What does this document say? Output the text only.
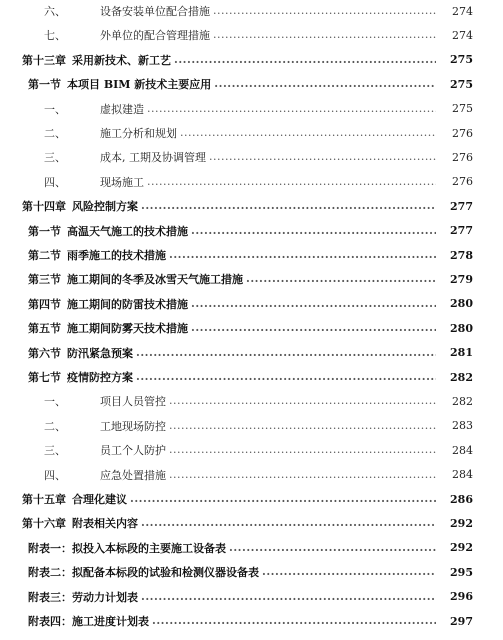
六、	设备安装单位配合措施 .....	274
七、	外单位的配合管理措施 .....	274
第十三章 采用新技术、新工艺 .....	275
第一节 本项目 BIM 新技术主要应用 .....	275
一、	虚拟建造 .....	275
二、	施工分析和规划 .....	276
三、	成本, 工期及协调管理 .....	276
四、	现场施工 .....	276
第十四章 风险控制方案 .....	277
第一节 高温天气施工的技术措施 .....	277
第二节 雨季施工的技术措施 .....	278
第三节 施工期间的冬季及冰雪天气施工措施 .....	279
第四节 施工期间的防雷技术措施 .....	280
第五节 施工期间防雾天技术措施 .....	280
第六节 防汛紧急预案 .....	281
第七节 疫情防控方案 .....	282
一、	项目人员管控 .....	282
二、	工地现场防控 .....	283
三、	员工个人防护 .....	284
四、	应急处置措施 .....	284
第十五章 合理化建议 .....	286
第十六章 附表相关内容 .....	292
附表一：拟投入本标段的主要施工设备表 .....	292
附表二：拟配备本标段的试验和检测仪器设备表 .....	295
附表三：劳动力计划表 .....	296
附表四：施工进度计划表 .....	297
